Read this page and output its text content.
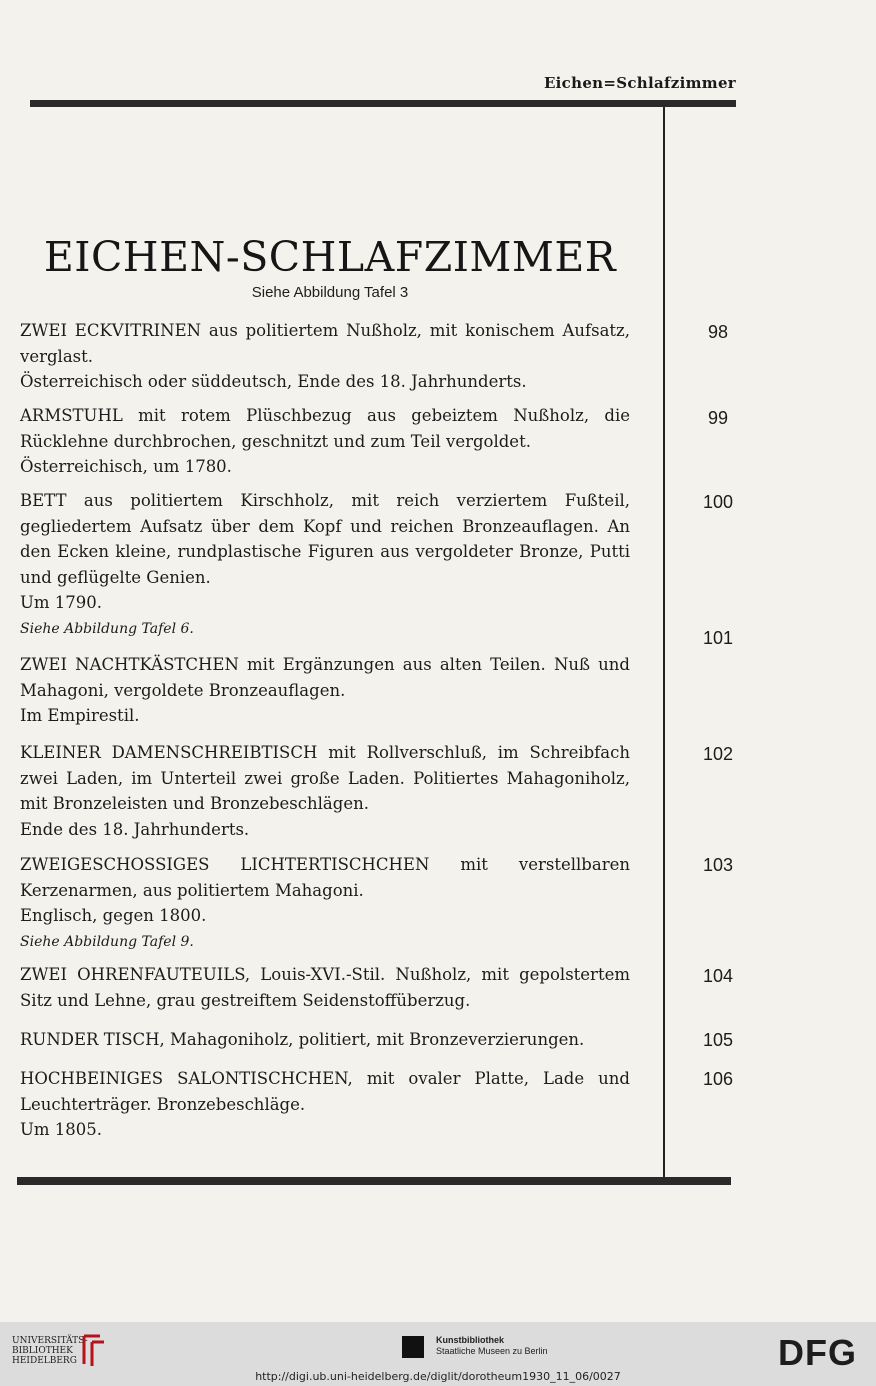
Eichen=Schlafzimmer
EICHEN-SCHLAFZIMMER
Siehe Abbildung Tafel 3

ZWEI ECKVITRINEN aus politiertem Nußholz, mit konischem Aufsatz, verglast.

Österreichisch oder süddeutsch, Ende des 18. Jahrhunderts.

98

ARMSTUHL mit rotem Plüschbezug aus gebeiztem Nußholz, die Rücklehne durchbrochen, geschnitzt und zum Teil vergoldet.

Österreichisch, um 1780.

99

BETT aus politiertem Kirschholz, mit reich verziertem Fußteil, gegliedertem Aufsatz über dem Kopf und reichen Bronzeauflagen. An den Ecken kleine, rundplastische Figuren aus vergoldeter Bronze, Putti und geflügelte Genien.

Um 1790.

Siehe Abbildung Tafel 6.

100

ZWEI NACHTKÄSTCHEN mit Ergänzungen aus alten Teilen. Nuß und Mahagoni, vergoldete Bronzeauflagen.

Im Empirestil.

101

KLEINER DAMENSCHREIBTISCH mit Rollverschluß, im Schreibfach zwei Laden, im Unterteil zwei große Laden. Politiertes Mahagoniholz, mit Bronzeleisten und Bronzebeschlägen.

Ende des 18. Jahrhunderts.

102

ZWEIGESCHOSSIGES LICHTERTISCHCHEN mit verstellbaren Kerzenarmen, aus politiertem Mahagoni.

Englisch, gegen 1800.

Siehe Abbildung Tafel 9.

103

ZWEI OHRENFAUTEUILS, Louis-XVI.-Stil. Nußholz, mit gepolstertem Sitz und Lehne, grau gestreiftem Seidenstoffüberzug.

104

RUNDER TISCH, Mahagoniholz, politiert, mit Bronzeverzierungen.	105

HOCHBEINIGES SALONTISCHCHEN, mit ovaler Platte, Lade und Leuchterträger. Bronzebeschläge.

Um 1805.

106
UNIVERSITÄTS-
BIBLIOTHEK
HEIDELBERG
Kunstbibliothek
Staatliche Museen zu Berlin	DFG
http://digi.ub.uni-heidelberg.de/diglit/dorotheum1930_11_06/0027
